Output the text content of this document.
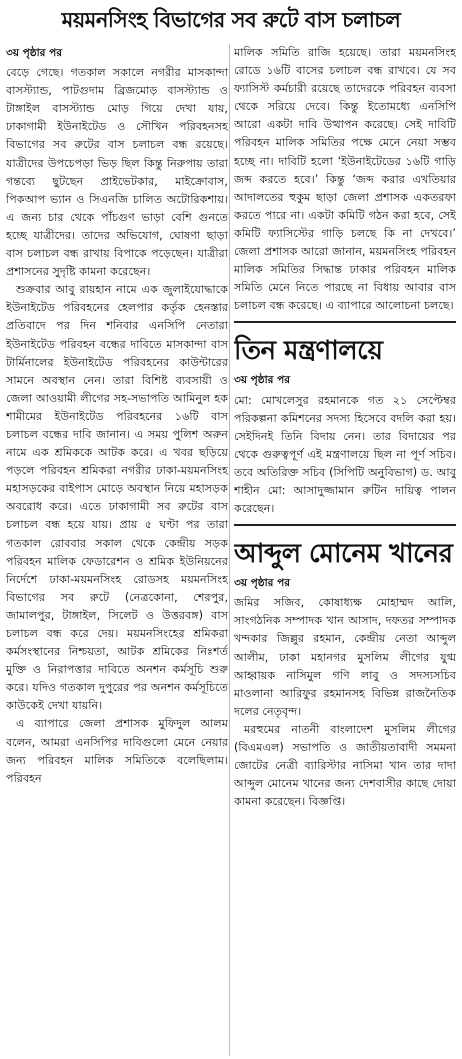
ময়মনসিংহ বিভাগের সব রুটে বাস চলাচল
৩য় পৃষ্ঠার পর

বেড়ে গেছে। গতকাল সকালে নগরীর মাসকান্দা বাসস্ট্যান্ড, পাটগুদাম ব্রিজমোড় বাসস্ট্যান্ড ও টাঙ্গাইল বাসস্ট্যান্ড মোড় গিয়ে দেখা যায়, ঢাকাগামী ইউনাইটেড ও সৌখিন পরিবহনসহ বিভাগের সব রুটের বাস চলাচল বন্ধ রয়েছে। যাত্রীদের উপচেপড়া ভিড় ছিল কিন্তু নিরুপায় তারা গন্তব্যে ছুটছেন প্রাইভেটকার, মাইক্রোবাস, পিকআপ ভ্যান ও সিএনজি চালিত অটোরিকশায়। এ জন্য চার থেকে পাঁচগুণ ভাড়া বেশি গুনতে হচ্ছে যাত্রীদের। তাদের অভিযোগ, ঘোষণা ছাড়া বাস চলাচল বন্ধ রাখায় বিপাকে পড়েছেন। যাত্রীরা প্রশাসনের সুদৃষ্টি কামনা করেছেন।

শুক্রবার আবু রায়হান নামে এক জুলাইযোদ্ধাকে ইউনাইটেড পরিবহনের হেলপার কর্তৃক হেনস্তার প্রতিবাদে পর দিন শনিবার এনসিপি নেতারা ইউনাইটেড পরিবহন বন্ধের দাবিতে মাসকান্দা বাস টার্মিনালের ইউনাইটেড পরিবহনের কাউন্টারের সামনে অবস্থান নেন। তারা বিশিষ্ট ব্যবসায়ী ও জেলা আওয়ামী লীগের সহ-সভাপতি আমিনুল হক শামীমের ইউনাইটেড পরিবহনের ১৬টি বাস চলাচল বন্ধের দাবি জানান। এ সময় পুলিশ অরুন নামে এক শ্রমিককে আটক করে। এ খবর ছড়িয়ে পড়লে পরিবহন শ্রমিকরা নগরীর ঢাকা-ময়মনসিংহ মহাসড়কের বাইপাস মোড়ে অবস্থান নিয়ে মহাসড়ক অবরোধ করে। এতে ঢাকাগামী সব রুটের বাস চলাচল বন্ধ হয়ে যায়। প্রায় ৫ ঘণ্টা পর তারা গতকাল রোববার সকাল থেকে কেন্দ্রীয় সড়ক পরিবহন মালিক ফেডারেশন ও শ্রমিক ইউনিয়নের নির্দেশে ঢাকা-ময়মনসিংহ রোডসহ ময়মনসিংহ বিভাগের সব রুটে (নেত্রকোনা, শেরপুর, জামালপুর, টাঙ্গাইল, সিলেট ও উত্তরবঙ্গ) বাস চলাচল বন্ধ করে দেয়। ময়মনসিংহের শ্রমিকরা কর্মসংস্থানের নিশ্চয়তা, আটক শ্রমিকের নিঃশর্ত মুক্তি ও নিরাপত্তার দাবিতে অনশন কর্মসূচি শুরু করে। যদিও গতকাল দুপুরের পর অনশন কর্মসূচিতে কাউকেই দেখা যায়নি।

এ ব্যাপারে জেলা প্রশাসক মুফিদুল আলম বলেন, আমরা এনসিপির দাবিগুলো মেনে নেয়ার জন্য পরিবহন মালিক সমিতিকে বলেছিলাম। পরিবহন

মালিক সমিতি রাজি হয়েছে। তারা ময়মনসিংহ রোডে ১৬টি বাসের চলাচল বন্ধ রাখবে। যে সব ফ্যাসিস্ট কর্মচারী রয়েছে তাদেরকে পরিবহন ব্যবসা থেকে সরিয়ে দেবে। কিন্তু ইতোমধ্যে এনসিপি আরো একটা দাবি উত্থাপন করেছে। সেই দাবিটি পরিবহন মালিক সমিতির পক্ষে মেনে নেয়া সম্ভব হচ্ছে না। দাবিটি হলো ‘ইউনাইটেডের ১৬টি গাড়ি জব্দ করতে হবে।’ কিন্তু ‘জব্দ করার এখতিয়ার আদালতের হুকুম ছাড়া জেলা প্রশাসক একতরফা করতে পারে না। একটা কমিটি গঠন করা হবে, সেই কমিটি ফ্যাসিস্টের গাড়ি চলছে কি না দেখবে।’ জেলা প্রশাসক আরো জানান, ময়মনসিংহ পরিবহন মালিক সমিতির সিদ্ধান্ত ঢাকার পরিবহন মালিক সমিতি মেনে নিতে পারছে না বিধায় আবার বাস চলাচল বন্ধ করেছে। এ ব্যাপারে আলোচনা চলছে।

তিন মন্ত্রণালয়ে
৩য় পৃষ্ঠার পর

মো: মোখলেসুর রহমানকে গত ২১ সেপ্টেম্বর পরিকল্পনা কমিশনের সদস্য হিসেবে বদলি করা হয়। সেইদিনই তিনি বিদায় নেন। তার বিদায়ের পর থেকে গুরুত্বপূর্ণ এই মন্ত্রণালয়ে ছিল না পূর্ণ সচিব। তবে অতিরিক্ত সচিব (সিপিটি অনুবিভাগ) ড. আবু শাহীন মো: আসাদুজ্জামান রুটিন দায়িত্ব পালন করেছেন।

আব্দুল মোনেম খানের
৩য় পৃষ্ঠার পর

জমির সজিব, কোষাধ্যক্ষ মোহাম্মদ আলি, সাংগঠনিক সম্পাদক খান আসাদ, দফতর সম্পাদক খন্দকার জিল্লুর রহমান, কেন্দ্রীয় নেতা আব্দুল আলীম, ঢাকা মহানগর মুসলিম লীগের যুগ্ম আহ্বায়ক নাসিমুল গণি লাবু ও সদস্যসচিব মাওলানা আরিফুর রহমানসহ বিভিন্ন রাজনৈতিক দলের নেতৃবৃন্দ।

মরহুমের নাতনী বাংলাদেশ মুসলিম লীগের (বিএমএল) সভাপতি ও জাতীয়তাবাদী সমমনা জোটের নেত্রী ব্যারিস্টার নাসিমা খান তার দাদা আব্দুল মোনেম খানের জন্য দেশবাসীর কাছে দোয়া কামনা করেছেন। বিজ্ঞপ্তি।
